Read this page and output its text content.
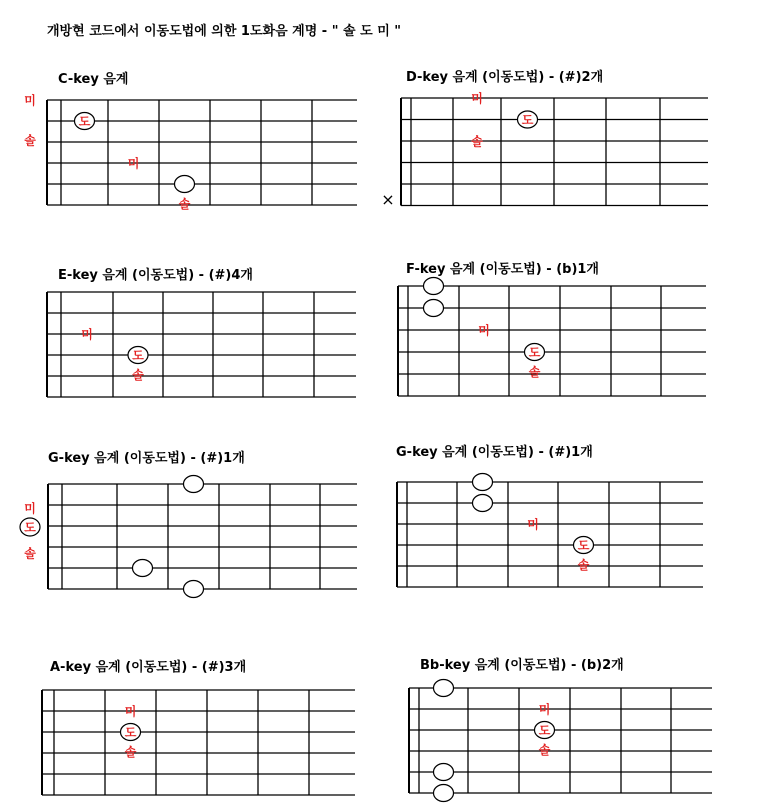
개방현 코드에서 이동도법에 의한 1도화음 계명 - " 솔 도 미 "
C-key 음계
도
미
솔
D-key 음계 (이동도법) - (#)2개
미
도
솔
E-key 음계 (이동도법) - (#)4개
미
도
솔
F-key 음계 (이동도법) - (b)1개
미
도
솔
G-key 음계 (이동도법) - (#)1개	G-key 음계 (이동도법) - (#)1개
미
도
솔
A-key 음계 (이동도법) - (#)3개
미
도
솔
Bb-key 음계 (이동도법) - (b)2개
미
도
솔
미
솔
×
미
도
솔
